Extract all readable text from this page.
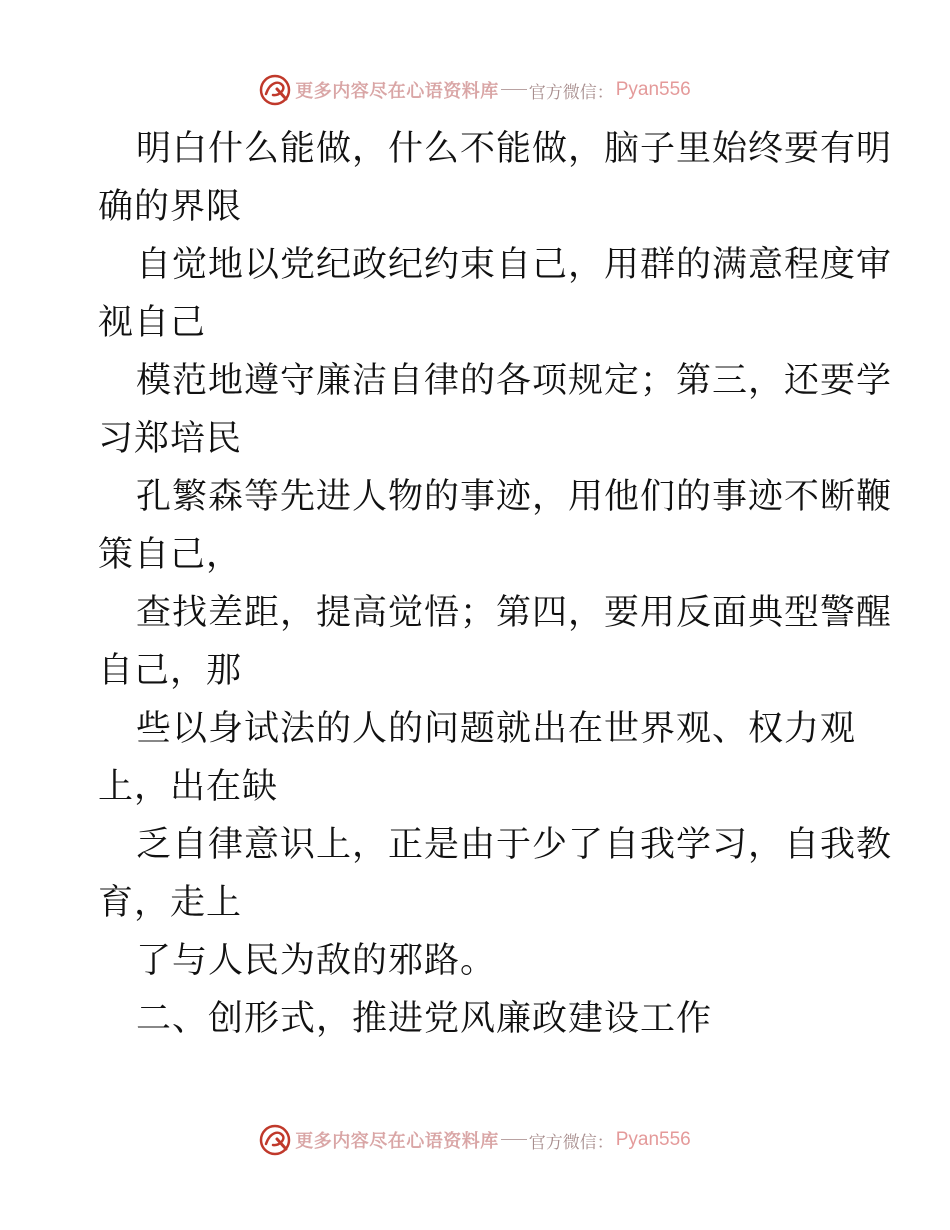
更多内容尽在心语资料库 官方微信： Pyan556

明白什么能做，什么不能做，脑子里始终要有明
确的界限

自觉地以党纪政纪约束自己，用群的满意程度审
视自己

模范地遵守廉洁自律的各项规定；第三，还要学
习郑培民

孔繁森等先进人物的事迹，用他们的事迹不断鞭
策自己，

查找差距，提高觉悟；第四，要用反面典型警醒
自己，那

些以身试法的人的问题就出在世界观、权力观
上，出在缺

乏自律意识上，正是由于少了自我学习，自我教
育，走上

了与人民为敌的邪路。

二、创形式，推进党风廉政建设工作

更多内容尽在心语资料库 官方微信： Pyan556
